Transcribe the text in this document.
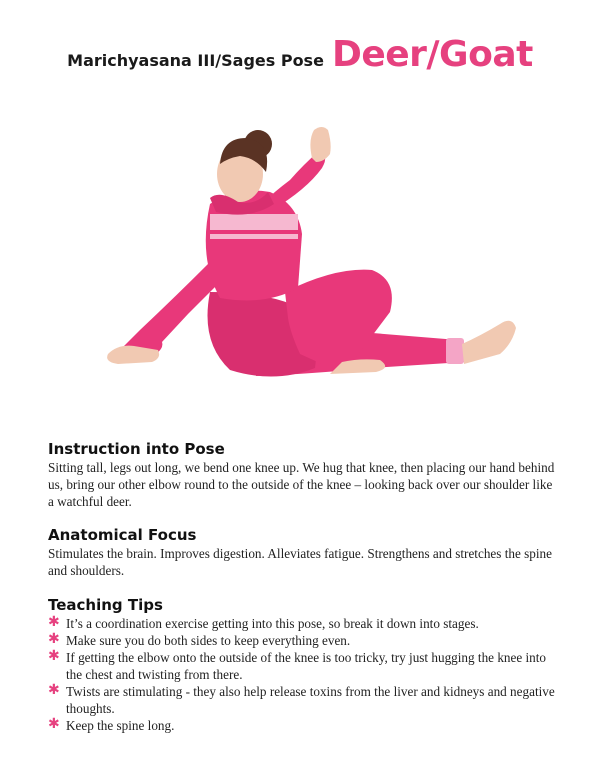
Marichyasana III/Sages Pose Deer/Goat
Instruction into Pose

Sitting tall, legs out long, we bend one knee up. We hug that knee, then placing our hand behind us, bring our other elbow round to the outside of the knee – looking back over our shoulder like a watchful deer.

Anatomical Focus

Stimulates the brain. Improves digestion. Alleviates fatigue. Strengthens and stretches the spine and shoulders.

Teaching Tips
✱ It’s a coordination exercise getting into this pose, so break it down into stages.
✱ Make sure you do both sides to keep everything even.
✱ If getting the elbow onto the outside of the knee is too tricky, try just hugging the knee into the chest and twisting from there.
✱ Twists are stimulating - they also help release toxins from the liver and kidneys and negative thoughts.
✱ Keep the spine long.
